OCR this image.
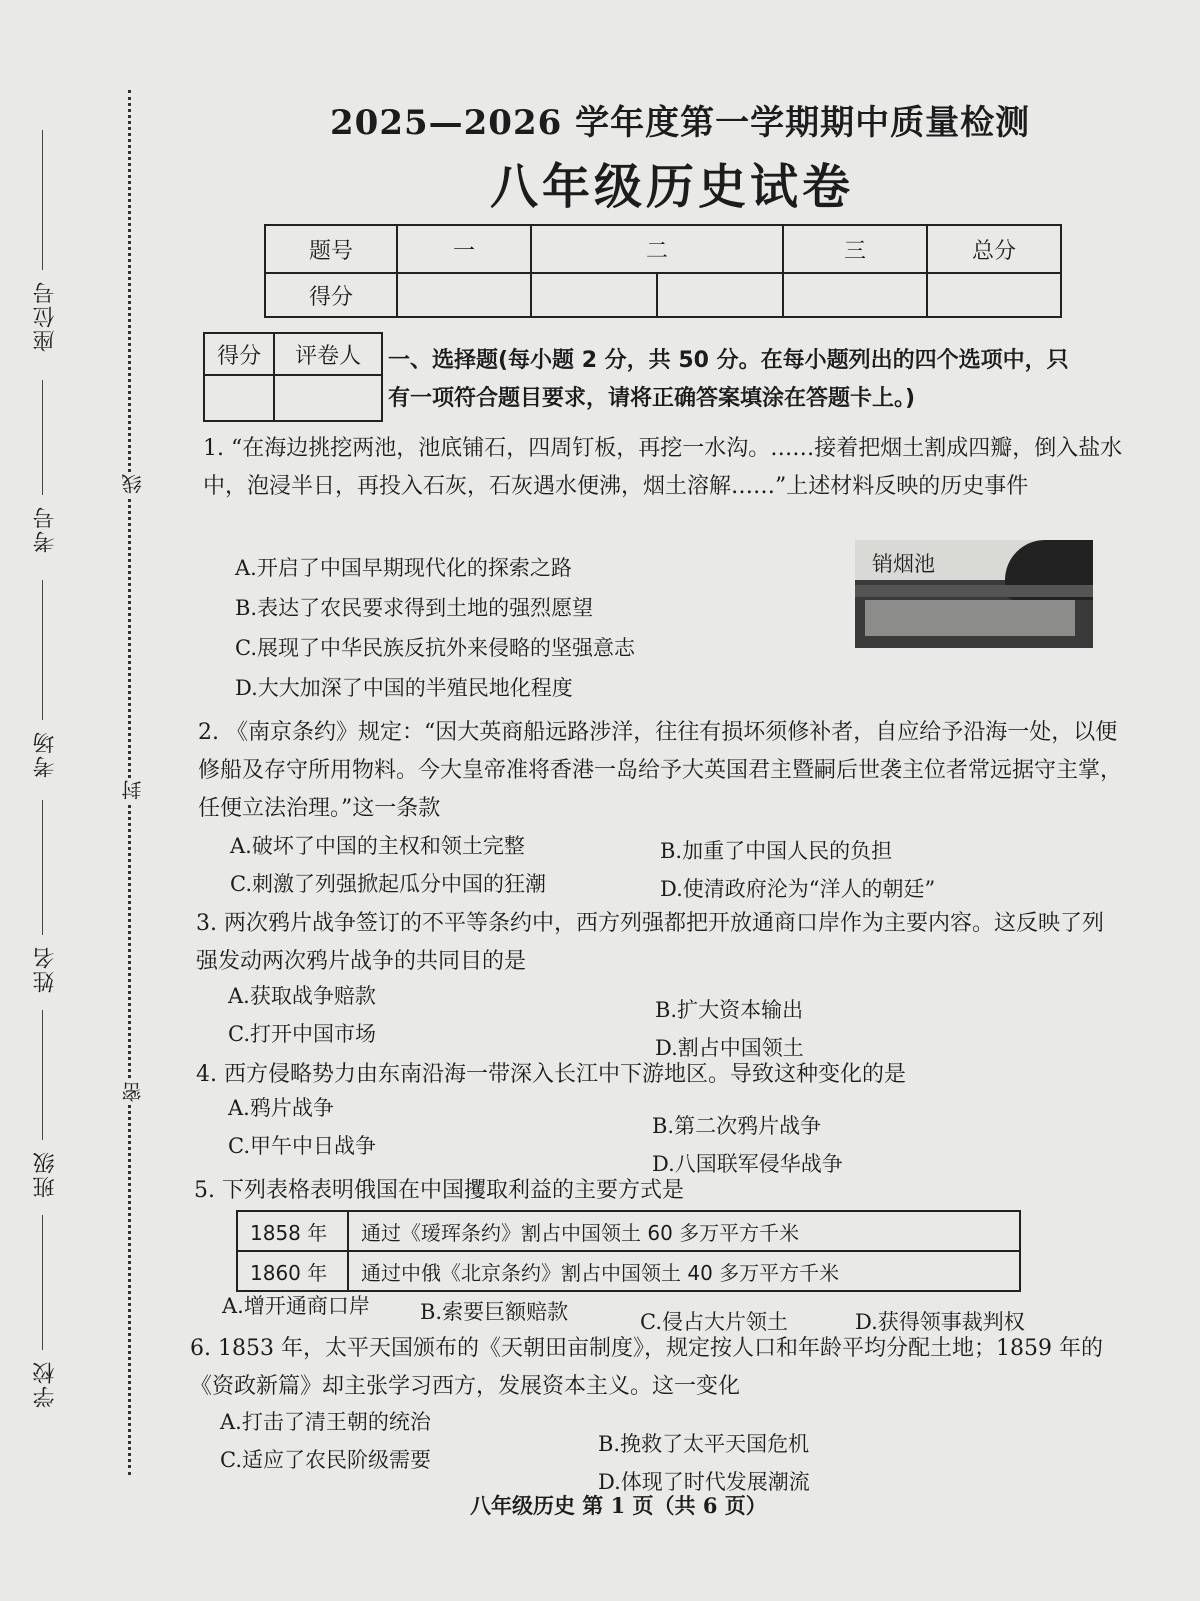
座位号
考号
考场
姓名
班级
学校
线
封
密
2025—2026 学年度第一学期期中质量检测
八年级历史试卷
题号	一	二		三	总分
得分					
得分	评卷人
	一、选择题(每小题 2 分，共 50 分。在每小题列出的四个选项中，只有一项符合题目要求，请将正确答案填涂在答题卡上。)
1. “在海边挑挖两池，池底铺石，四周钉板，再挖一水沟。……接着把烟土割成四瓣，倒入盐水中，泡浸半日，再投入石灰，石灰遇水便沸，烟土溶解……”上述材料反映的历史事件
A.开启了中国早期现代化的探索之路
B.表达了农民要求得到土地的强烈愿望
C.展现了中华民族反抗外来侵略的坚强意志
D.大大加深了中国的半殖民地化程度
销烟池
2. 《南京条约》规定：“因大英商船远路涉洋，往往有损坏须修补者，自应给予沿海一处，以便修船及存守所用物料。今大皇帝准将香港一岛给予大英国君主暨嗣后世袭主位者常远据守主掌，任便立法治理。”这一条款
A.破坏了中国的主权和领土完整	B.加重了中国人民的负担
C.刺激了列强掀起瓜分中国的狂潮	D.使清政府沦为“洋人的朝廷”
3. 两次鸦片战争签订的不平等条约中，西方列强都把开放通商口岸作为主要内容。这反映了列强发动两次鸦片战争的共同目的是
A.获取战争赔款
B.扩大资本输出
C.打开中国市场
D.割占中国领土
4. 西方侵略势力由东南沿海一带深入长江中下游地区。导致这种变化的是
A.鸦片战争
B.第二次鸦片战争
C.甲午中日战争
D.八国联军侵华战争
5. 下列表格表明俄国在中国攫取利益的主要方式是
1858 年	通过《瑷珲条约》割占中国领土 60 多万平方千米
1860 年	通过中俄《北京条约》割占中国领土 40 多万平方千米
A.增开通商口岸 B.索要巨额赔款	C.侵占大片领土	D.获得领事裁判权
6. 1853 年，太平天国颁布的《天朝田亩制度》，规定按人口和年龄平均分配土地；1859 年的《资政新篇》却主张学习西方，发展资本主义。这一变化
A.打击了清王朝的统治
B.挽救了太平天国危机
C.适应了农民阶级需要
D.体现了时代发展潮流
八年级历史 第 1 页（共 6 页）
